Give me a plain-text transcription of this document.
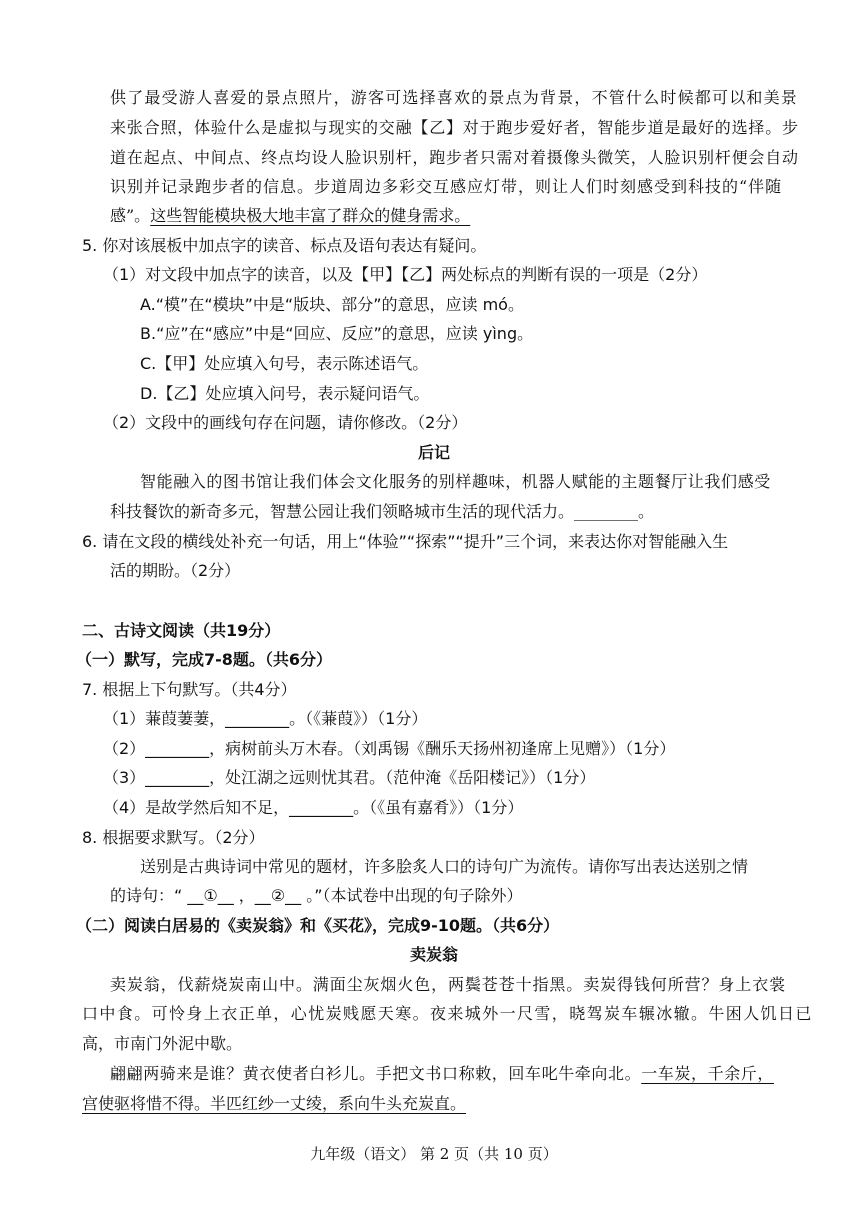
供了最受游人喜爱的景点照片，游客可选择喜欢的景点为背景，不管什么时候都可以和美景
来张合照，体验什么是虚拟与现实的交融【乙】对于跑步爱好者，智能步道是最好的选择。步
道在起点、中间点、终点均设人脸识别杆，跑步者只需对着摄像头微笑，人脸识别杆便会自动
识别并记录跑步者的信息。步道周边多彩交互感应灯带，则让人们时刻感受到科技的“伴随
感”。这些智能模块极大地丰富了群众的健身需求。
5. 你对该展板中加点字的读音、标点及语句表达有疑问。
（1）对文段中加点字的读音，以及【甲】【乙】两处标点的判断有误的一项是（2分）
A.“模”在“模块”中是“版块、部分”的意思，应读 mó。
B.“应”在“感应”中是“回应、反应”的意思，应读 yìng。
C.【甲】处应填入句号，表示陈述语气。
D.【乙】处应填入问号，表示疑问语气。
（2）文段中的画线句存在问题，请你修改。（2分）
后记
智能融入的图书馆让我们体会文化服务的别样趣味，机器人赋能的主题餐厅让我们感受
科技餐饮的新奇多元，智慧公园让我们领略城市生活的现代活力。________。
6. 请在文段的横线处补充一句话，用上“体验”“探索”“提升”三个词，来表达你对智能融入生
活的期盼。（2分）
二、古诗文阅读（共19分）
（一）默写，完成7-8题。（共6分）
7. 根据上下句默写。（共4分）
（1）蒹葭萋萋，________。（《蒹葭》）（1分）
（2）________，病树前头万木春。（刘禹锡《酬乐天扬州初逢席上见赠》）（1分）
（3）________，处江湖之远则忧其君。（范仲淹《岳阳楼记》）（1分）
（4）是故学然后知不足，________。（《虽有嘉肴》）（1分）
8. 根据要求默写。（2分）
送别是古典诗词中常见的题材，许多脍炙人口的诗句广为流传。请你写出表达送别之情
的诗句：“ __①__ ，__②__ 。”（本试卷中出现的句子除外）
（二）阅读白居易的《卖炭翁》和《买花》，完成9-10题。（共6分）
卖炭翁
卖炭翁，伐薪烧炭南山中。满面尘灰烟火色，两鬓苍苍十指黑。卖炭得钱何所营？身上衣裳
口中食。可怜身上衣正单，心忧炭贱愿天寒。夜来城外一尺雪，晓驾炭车辗冰辙。牛困人饥日已
高，市南门外泥中歇。
翩翩两骑来是谁？黄衣使者白衫儿。手把文书口称敕，回车叱牛牵向北。一车炭，千余斤，
宫使驱将惜不得。半匹红纱一丈绫，系向牛头充炭直。
九年级（语文） 第 2 页（共 10 页）
